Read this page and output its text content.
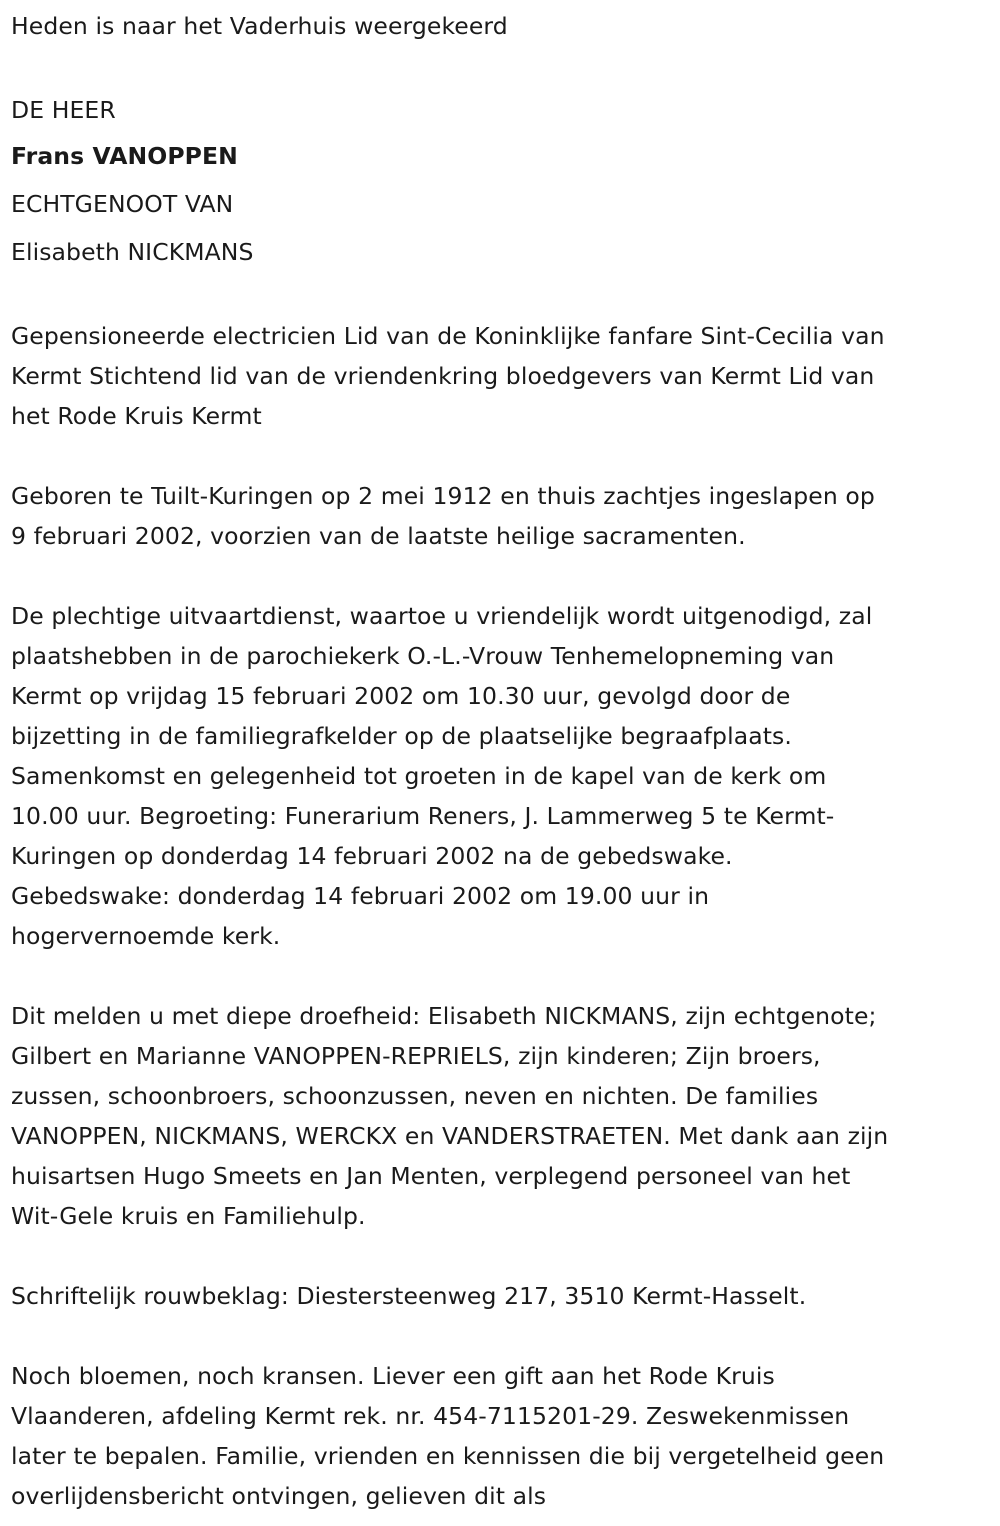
Heden is naar het Vaderhuis weergekeerd
DE HEER
Frans VANOPPEN
ECHTGENOOT VAN
Elisabeth NICKMANS
Gepensioneerde electricien Lid van de Koninklijke fanfare Sint-Cecilia van
Kermt Stichtend lid van de vriendenkring bloedgevers van Kermt Lid van
het Rode Kruis Kermt
Geboren te Tuilt-Kuringen op 2 mei 1912 en thuis zachtjes ingeslapen op
9 februari 2002, voorzien van de laatste heilige sacramenten.
De plechtige uitvaartdienst, waartoe u vriendelijk wordt uitgenodigd, zal
plaatshebben in de parochiekerk O.-L.-Vrouw Tenhemelopneming van
Kermt op vrijdag 15 februari 2002 om 10.30 uur, gevolgd door de
bijzetting in de familiegrafkelder op de plaatselijke begraafplaats.
Samenkomst en gelegenheid tot groeten in de kapel van de kerk om
10.00 uur. Begroeting: Funerarium Reners, J. Lammerweg 5 te Kermt-
Kuringen op donderdag 14 februari 2002 na de gebedswake.
Gebedswake: donderdag 14 februari 2002 om 19.00 uur in
hogervernoemde kerk.
Dit melden u met diepe droefheid: Elisabeth NICKMANS, zijn echtgenote;
Gilbert en Marianne VANOPPEN-REPRIELS, zijn kinderen; Zijn broers,
zussen, schoonbroers, schoonzussen, neven en nichten. De families
VANOPPEN, NICKMANS, WERCKX en VANDERSTRAETEN. Met dank aan zijn
huisartsen Hugo Smeets en Jan Menten, verplegend personeel van het
Wit-Gele kruis en Familiehulp.
Schriftelijk rouwbeklag: Diestersteenweg 217, 3510 Kermt-Hasselt.
Noch bloemen, noch kransen. Liever een gift aan het Rode Kruis
Vlaanderen, afdeling Kermt rek. nr. 454-7115201-29. Zeswekenmissen
later te bepalen. Familie, vrienden en kennissen die bij vergetelheid geen
overlijdensbericht ontvingen, gelieven dit als
